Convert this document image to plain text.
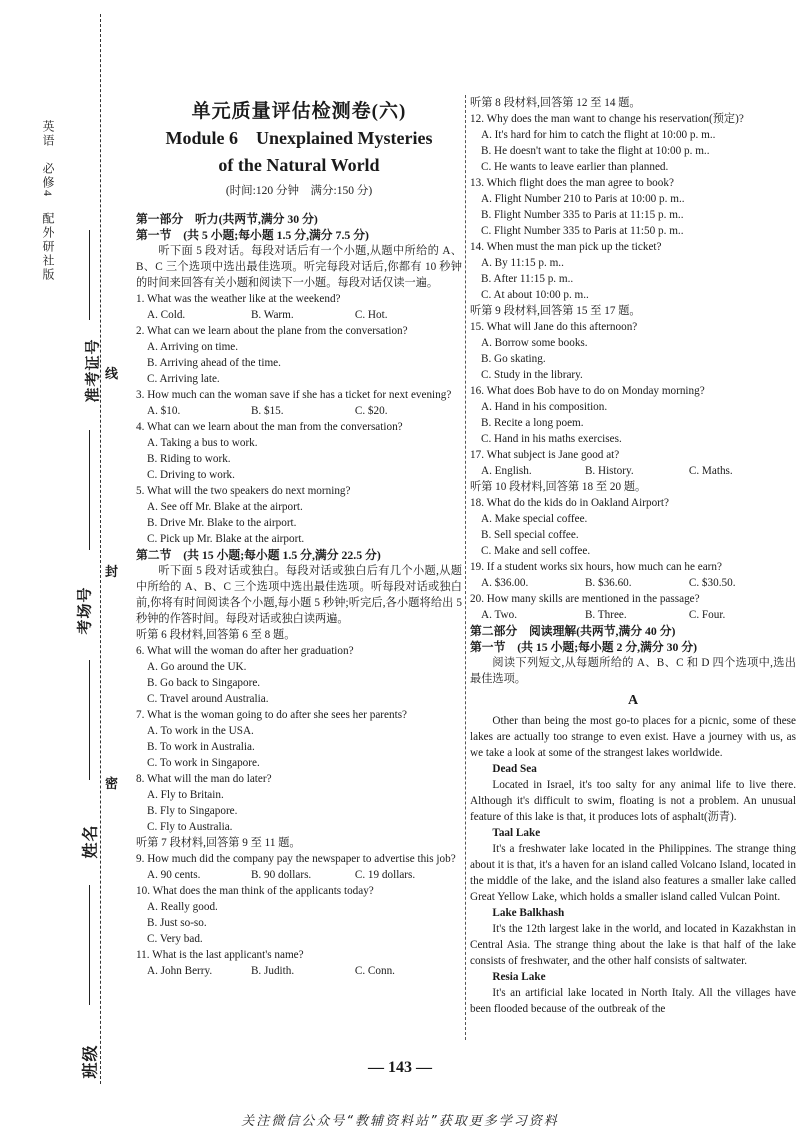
英语　必修4　配外研社版
准考证号
考场号
姓名
班级
线
封
密
单元质量评估检测卷(六)
Module 6　Unexplained Mysteries
of the Natural World
(时间:120 分钟　满分:150 分)
第一部分　听力(共两节,满分 30 分)
第一节　(共 5 小题;每小题 1.5 分,满分 7.5 分)
听下面 5 段对话。每段对话后有一个小题,从题中所给的 A、B、C 三个选项中选出最佳选项。听完每段对话后,你都有 10 秒钟的时间来回答有关小题和阅读下一小题。每段对话仅读一遍。
1. What was the weather like at the weekend?
A. Cold.	B. Warm.	C. Hot.
2. What can we learn about the plane from the conversation?
A. Arriving on time.
B. Arriving ahead of the time.
C. Arriving late.
3. How much can the woman save if she has a ticket for next evening?
A. $10.	B. $15.	C. $20.
4. What can we learn about the man from the conversation?
A. Taking a bus to work.
B. Riding to work.
C. Driving to work.
5. What will the two speakers do next morning?
A. See off Mr. Blake at the airport.
B. Drive Mr. Blake to the airport.
C. Pick up Mr. Blake at the airport.
第二节　(共 15 小题;每小题 1.5 分,满分 22.5 分)
听下面 5 段对话或独白。每段对话或独白后有几个小题,从题中所给的 A、B、C 三个选项中选出最佳选项。听每段对话或独白前,你将有时间阅读各个小题,每小题 5 秒钟;听完后,各小题将给出 5 秒钟的作答时间。每段对话或独白读两遍。
听第 6 段材料,回答第 6 至 8 题。
6. What will the woman do after her graduation?
A. Go around the UK.
B. Go back to Singapore.
C. Travel around Australia.
7. What is the woman going to do after she sees her parents?
A. To work in the USA.
B. To work in Australia.
C. To work in Singapore.
8. What will the man do later?
A. Fly to Britain.
B. Fly to Singapore.
C. Fly to Australia.
听第 7 段材料,回答第 9 至 11 题。
9. How much did the company pay the newspaper to advertise this job?
A. 90 cents.	B. 90 dollars.	C. 19 dollars.
10. What does the man think of the applicants today?
A. Really good.
B. Just so-so.
C. Very bad.
11. What is the last applicant's name?
A. John Berry.	B. Judith.	C. Conn.
听第 8 段材料,回答第 12 至 14 题。
12. Why does the man want to change his reservation(预定)?
A. It's hard for him to catch the flight at 10:00 p. m..
B. He doesn't want to take the flight at 10:00 p. m..
C. He wants to leave earlier than planned.
13. Which flight does the man agree to book?
A. Flight Number 210 to Paris at 10:00 p. m..
B. Flight Number 335 to Paris at 11:15 p. m..
C. Flight Number 335 to Paris at 11:50 p. m..
14. When must the man pick up the ticket?
A. By 11:15 p. m..
B. After 11:15 p. m..
C. At about 10:00 p. m..
听第 9 段材料,回答第 15 至 17 题。
15. What will Jane do this afternoon?
A. Borrow some books.
B. Go skating.
C. Study in the library.
16. What does Bob have to do on Monday morning?
A. Hand in his composition.
B. Recite a long poem.
C. Hand in his maths exercises.
17. What subject is Jane good at?
A. English.	B. History.	C. Maths.
听第 10 段材料,回答第 18 至 20 题。
18. What do the kids do in Oakland Airport?
A. Make special coffee.
B. Sell special coffee.
C. Make and sell coffee.
19. If a student works six hours, how much can he earn?
A. $36.00.	B. $36.60.	C. $30.50.
20. How many skills are mentioned in the passage?
A. Two.	B. Three.	C. Four.
第二部分　阅读理解(共两节,满分 40 分)
第一节　(共 15 小题;每小题 2 分,满分 30 分)
阅读下列短文,从每题所给的 A、B、C 和 D 四个选项中,选出最佳选项。
A
Other than being the most go-to places for a picnic, some of these lakes are actually too strange to even exist. Have a journey with us, as we take a look at some of the strangest lakes worldwide.
Dead Sea
Located in Israel, it's too salty for any animal life to live there. Although it's difficult to swim, floating is not a problem. An unusual feature of this lake is that, it produces lots of asphalt(沥青).
Taal Lake
It's a freshwater lake located in the Philippines. The strange thing about it is that, it's a haven for an island called Volcano Island, located in the middle of the lake, and the island also features a smaller lake called Great Yellow Lake, which holds a smaller island called Vulcan Point.
Lake Balkhash
It's the 12th largest lake in the world, and located in Kazakhstan in Central Asia. The strange thing about the lake is that half of the lake consists of freshwater, and the other half consists of saltwater.
Resia Lake
It's an artificial lake located in North Italy. All the villages have been flooded because of the outbreak of the
— 143 —
关注微信公众号“教辅资料站”获取更多学习资料
